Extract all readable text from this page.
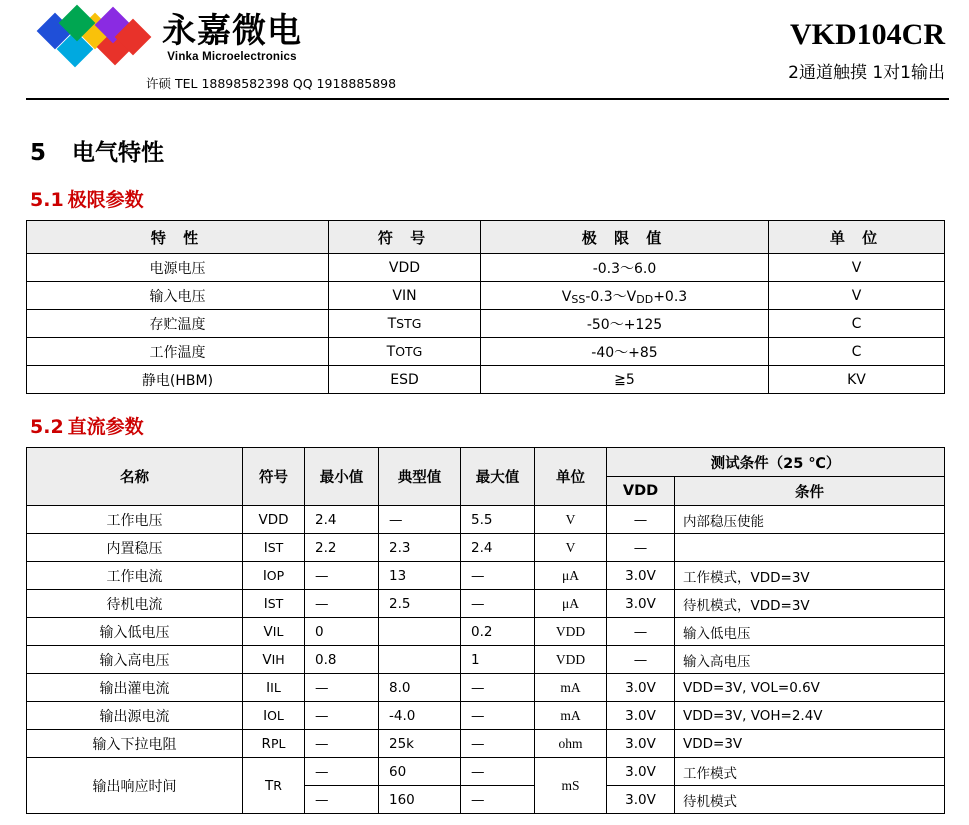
永嘉微电
Vinka Microelectronics
许硕 TEL 18898582398 QQ 1918885898
VKD104CR
2通道触摸 1对1输出
5 电气特性
5.1 极限参数
特 性	符 号	极 限 值	单 位
电源电压	VDD	-0.3～6.0	V
输入电压	VIN	VSS-0.3～VDD+0.3	V
存贮温度	TSTG	-50～+125	C
工作温度	TOTG	-40～+85	C
静电(HBM)	ESD	≧5	KV
5.2 直流参数
名称	符号	最小值	典型值	最大值	单位	测试条件（25 ℃）	
						VDD	条件
工作电压	VDD	2.4	—	5.5	V	—	内部稳压使能
内置稳压	IST	2.2	2.3	2.4	V	—	
工作电流	IOP	—	13	—	μA	3.0V	工作模式，VDD=3V
待机电流	IST	—	2.5	—	μA	3.0V	待机模式，VDD=3V
输入低电压	VIL	0		0.2	VDD	—	输入低电压
输入高电压	VIH	0.8		1	VDD	—	输入高电压
输出灌电流	IIL	—	8.0	—	mA	3.0V	VDD=3V, VOL=0.6V
输出源电流	IOL	—	-4.0	—	mA	3.0V	VDD=3V, VOH=2.4V
输入下拉电阻	RPL	—	25k	—	ohm	3.0V	VDD=3V
输出响应时间	TR	—	60	—	mS	3.0V	工作模式
		—	160	—		3.0V	待机模式
